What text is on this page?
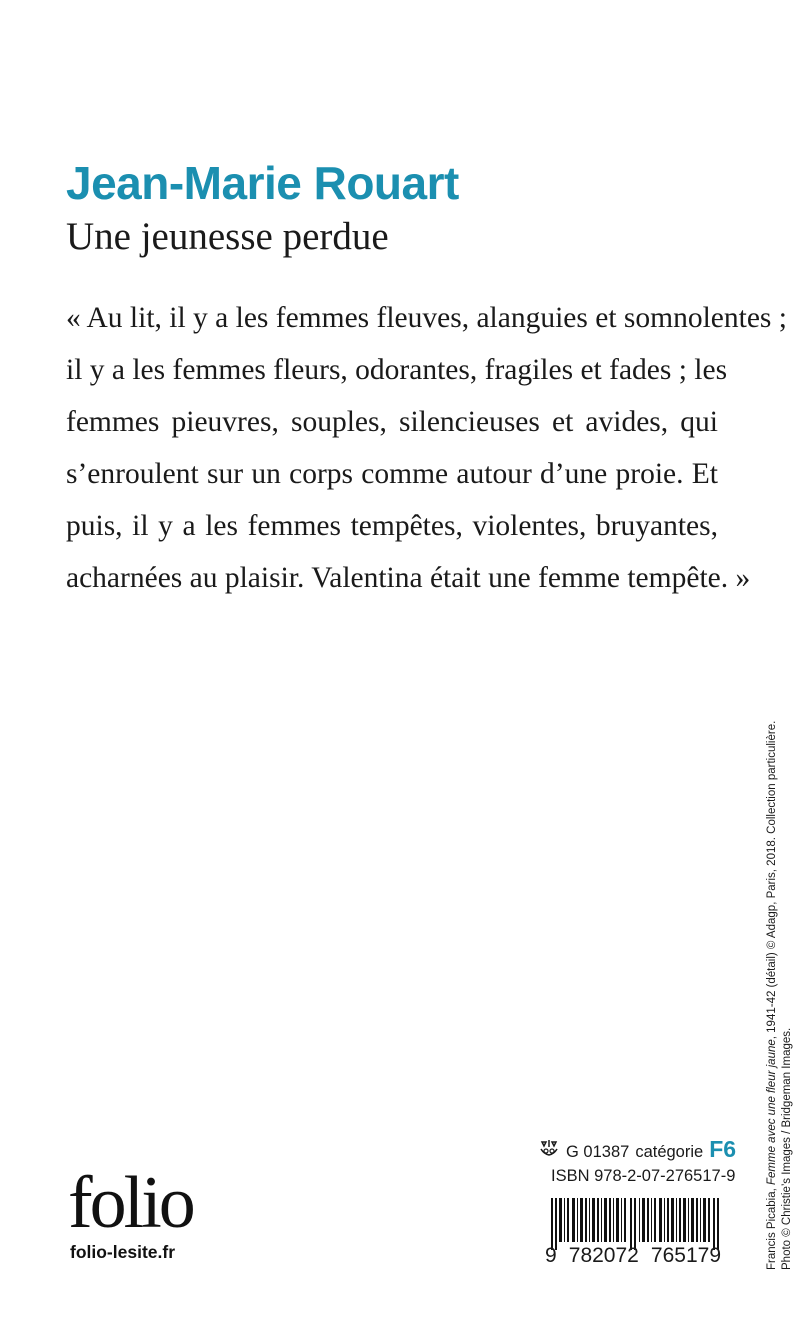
Jean-Marie Rouart
Une jeunesse perdue

« Au lit, il y a les femmes fleuves, alanguies et somnolentes ;
il y a les femmes fleurs, odorantes, fragiles et fades ; les
femmes pieuvres, souples, silencieuses et avides, qui
s’enroulent sur un corps comme autour d’une proie. Et
puis, il y a les femmes tempêtes, violentes, bruyantes,
acharnées au plaisir. Valentina était une femme tempête. »

Francis Picabia, Femme avec une fleur jaune, 1941-42 (détail) © Adagp, Paris, 2018. Collection particulière.
Photo © Christie’s Images / Bridgeman Images.
folio
folio-lesite.fr
G 01387 catégorie F6
ISBN 978-2-07-276517-9
9 782072 765179
